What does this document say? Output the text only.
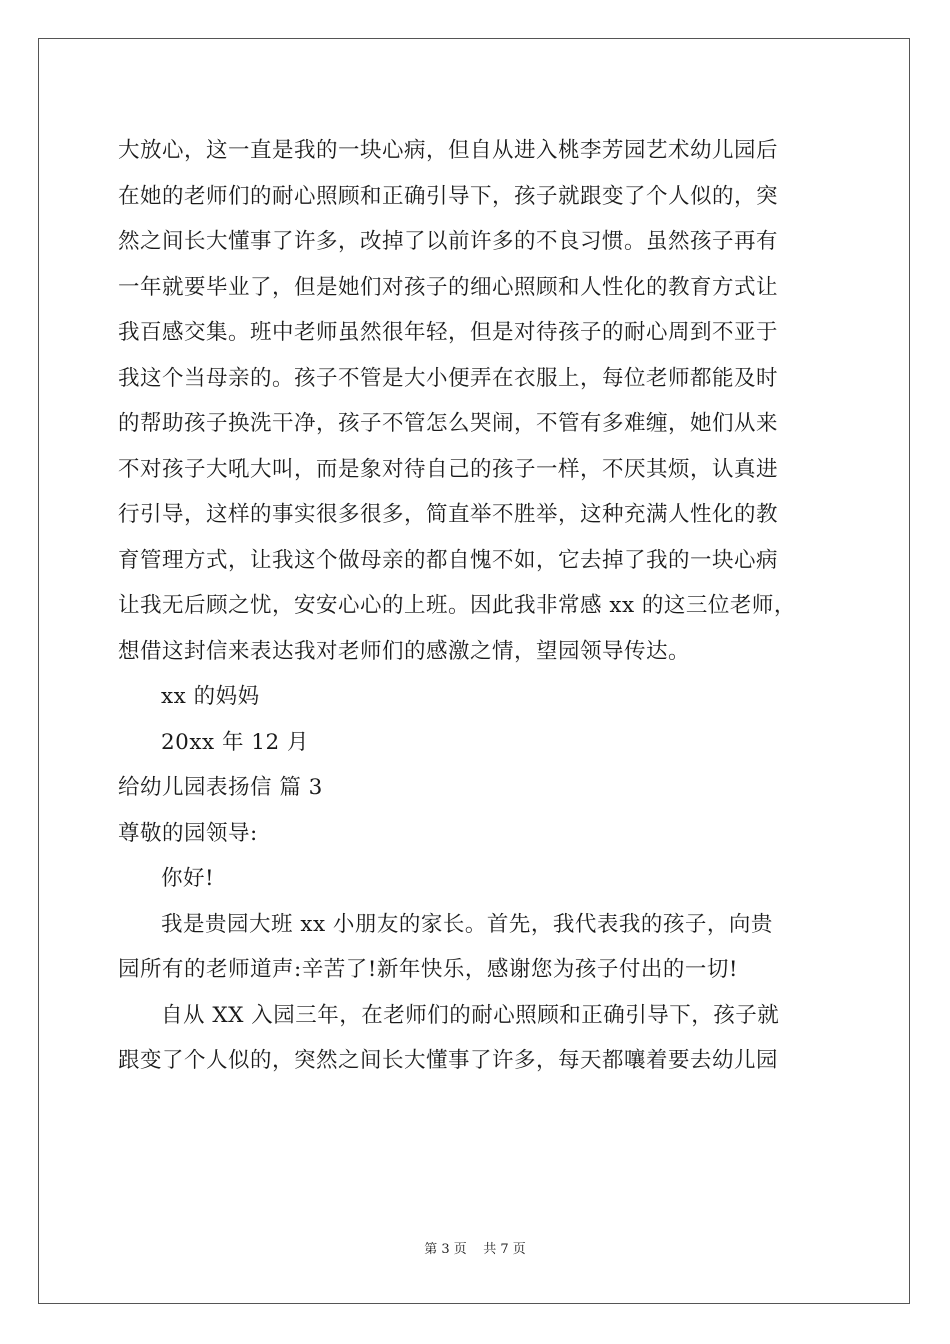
大放心，这一直是我的一块心病，但自从进入桃李芳园艺术幼儿园后
在她的老师们的耐心照顾和正确引导下，孩子就跟变了个人似的，突
然之间长大懂事了许多，改掉了以前许多的不良习惯。虽然孩子再有
一年就要毕业了，但是她们对孩子的细心照顾和人性化的教育方式让
我百感交集。班中老师虽然很年轻，但是对待孩子的耐心周到不亚于
我这个当母亲的。孩子不管是大小便弄在衣服上，每位老师都能及时
的帮助孩子换洗干净，孩子不管怎么哭闹，不管有多难缠，她们从来
不对孩子大吼大叫，而是象对待自己的孩子一样，不厌其烦，认真进
行引导，这样的事实很多很多，简直举不胜举，这种充满人性化的教
育管理方式，让我这个做母亲的都自愧不如，它去掉了我的一块心病
让我无后顾之忧，安安心心的上班。因此我非常感 xx 的这三位老师，
想借这封信来表达我对老师们的感激之情，望园领导传达。
xx 的妈妈
20xx 年 12 月
给幼儿园表扬信 篇 3
尊敬的园领导:
你好!
我是贵园大班 xx 小朋友的家长。首先，我代表我的孩子，向贵
园所有的老师道声:辛苦了!新年快乐，感谢您为孩子付出的一切!
自从 XX 入园三年，在老师们的耐心照顾和正确引导下，孩子就
跟变了个人似的，突然之间长大懂事了许多，每天都嚷着要去幼儿园
第 3 页    共 7 页
